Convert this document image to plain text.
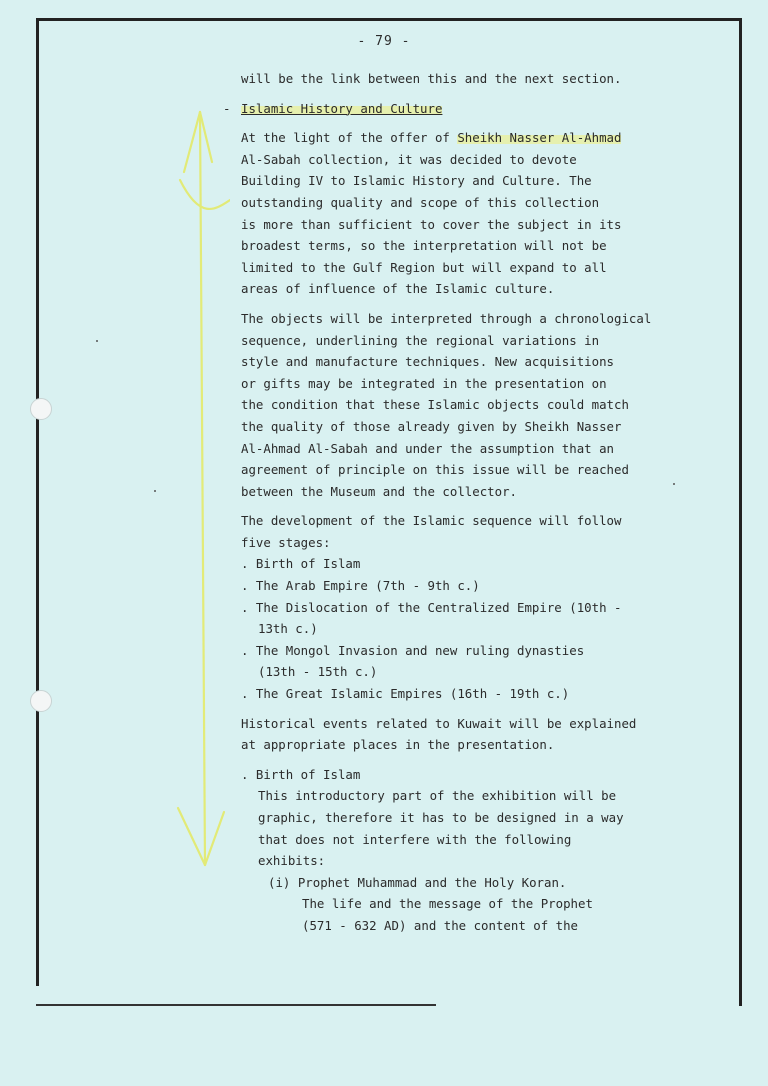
- 79 -
will be the link between this and the next section.
- Islamic History and Culture
At the light of the offer of Sheikh Nasser Al-Ahmad
Al-Sabah collection, it was decided to devote
Building IV to Islamic History and Culture. The
outstanding quality and scope of this collection
is more than sufficient to cover the subject in its
broadest terms, so the interpretation will not be
limited to the Gulf Region but will expand to all
areas of influence of the Islamic culture.
The objects will be interpreted through a chronological
sequence, underlining the regional variations in
style and manufacture techniques. New acquisitions
or gifts may be integrated in the presentation on
the condition that these Islamic objects could match
the quality of those already given by Sheikh Nasser
Al-Ahmad Al-Sabah and under the assumption that an
agreement of principle on this issue will be reached
between the Museum and the collector.
The development of the Islamic sequence will follow
five stages:
. Birth of Islam
. The Arab Empire (7th - 9th c.)
. The Dislocation of the Centralized Empire (10th -
13th c.)
. The Mongol Invasion and new ruling dynasties
(13th - 15th c.)
. The Great Islamic Empires (16th - 19th c.)
Historical events related to Kuwait will be explained
at appropriate places in the presentation.
. Birth of Islam
This introductory part of the exhibition will be
graphic, therefore it has to be designed in a way
that does not interfere with the following
exhibits:
(i) Prophet Muhammad and the Holy Koran.
The life and the message of the Prophet
(571 - 632 AD) and the content of the
